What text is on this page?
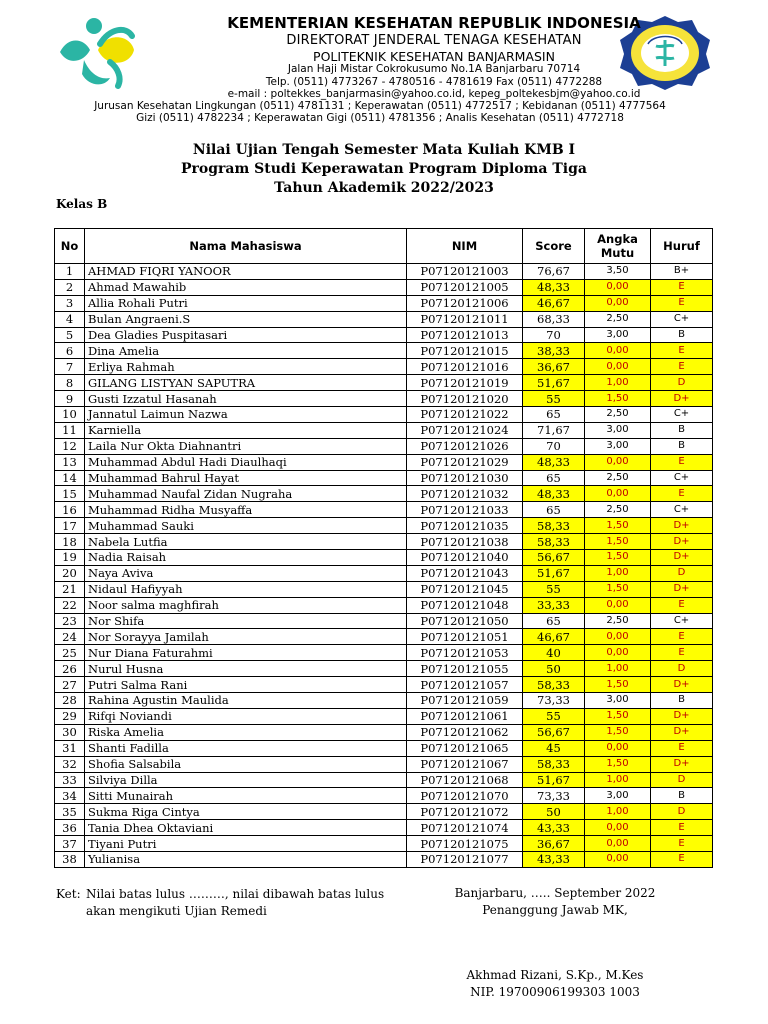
KEMENTERIAN KESEHATAN REPUBLIK INDONESIA
DIREKTORAT JENDERAL TENAGA KESEHATAN
POLITEKNIK KESEHATAN BANJARMASIN
Jalan Haji Mistar Cokrokusumo No.1A Banjarbaru 70714
Telp. (0511) 4773267 - 4780516 - 4781619 Fax (0511) 4772288
e-mail : poltekkes_banjarmasin@yahoo.co.id, kepeg_poltekesbjm@yahoo.co.id
Jurusan Kesehatan Lingkungan (0511) 4781131 ; Keperawatan (0511) 4772517 ; Kebidanan (0511) 4777564
Gizi (0511) 4782234 ; Keperawatan Gigi (0511) 4781356 ; Analis Kesehatan (0511) 4772718
Nilai Ujian Tengah Semester Mata Kuliah KMB I
Program Studi Keperawatan Program Diploma Tiga
Tahun Akademik 2022/2023
Kelas B
No	Nama Mahasiswa	NIM	Score	Angka Mutu	Huruf
1	AHMAD FIQRI YANOOR	P07120121003	76,67	3,50	B+
2	Ahmad Mawahib	P07120121005	48,33	0,00	E
3	Allia Rohali Putri	P07120121006	46,67	0,00	E
4	Bulan Angraeni.S	P07120121011	68,33	2,50	C+
5	Dea Gladies Puspitasari	P07120121013	70	3,00	B
6	Dina Amelia	P07120121015	38,33	0,00	E
7	Erliya Rahmah	P07120121016	36,67	0,00	E
8	GILANG LISTYAN SAPUTRA	P07120121019	51,67	1,00	D
9	Gusti Izzatul Hasanah	P07120121020	55	1,50	D+
10	Jannatul Laimun Nazwa	P07120121022	65	2,50	C+
11	Karniella	P07120121024	71,67	3,00	B
12	Laila Nur Okta Diahnantri	P07120121026	70	3,00	B
13	Muhammad Abdul Hadi Diaulhaqi	P07120121029	48,33	0,00	E
14	Muhammad Bahrul Hayat	P07120121030	65	2,50	C+
15	Muhammad Naufal Zidan Nugraha	P07120121032	48,33	0,00	E
16	Muhammad Ridha Musyaffa	P07120121033	65	2,50	C+
17	Muhammad Sauki	P07120121035	58,33	1,50	D+
18	Nabela Lutfia	P07120121038	58,33	1,50	D+
19	Nadia Raisah	P07120121040	56,67	1,50	D+
20	Naya Aviva	P07120121043	51,67	1,00	D
21	Nidaul Hafiyyah	P07120121045	55	1,50	D+
22	Noor salma maghfirah	P07120121048	33,33	0,00	E
23	Nor Shifa	P07120121050	65	2,50	C+
24	Nor Sorayya Jamilah	P07120121051	46,67	0,00	E
25	Nur Diana Faturahmi	P07120121053	40	0,00	E
26	Nurul Husna	P07120121055	50	1,00	D
27	Putri Salma Rani	P07120121057	58,33	1,50	D+
28	Rahina Agustin Maulida	P07120121059	73,33	3,00	B
29	Rifqi Noviandi	P07120121061	55	1,50	D+
30	Riska Amelia	P07120121062	56,67	1,50	D+
31	Shanti Fadilla	P07120121065	45	0,00	E
32	Shofia Salsabila	P07120121067	58,33	1,50	D+
33	Silviya Dilla	P07120121068	51,67	1,00	D
34	Sitti Munairah	P07120121070	73,33	3,00	B
35	Sukma Riga Cintya	P07120121072	50	1,00	D
36	Tania Dhea Oktaviani	P07120121074	43,33	0,00	E
37	Tiyani Putri	P07120121075	36,67	0,00	E
38	Yulianisa	P07120121077	43,33	0,00	E
Ket: Nilai batas lulus ………, nilai dibawah batas lulus
akan mengikuti Ujian Remedi
Banjarbaru, ….. September 2022
Penanggung Jawab MK,
Akhmad Rizani, S.Kp., M.Kes
NIP. 19700906199303 1003
